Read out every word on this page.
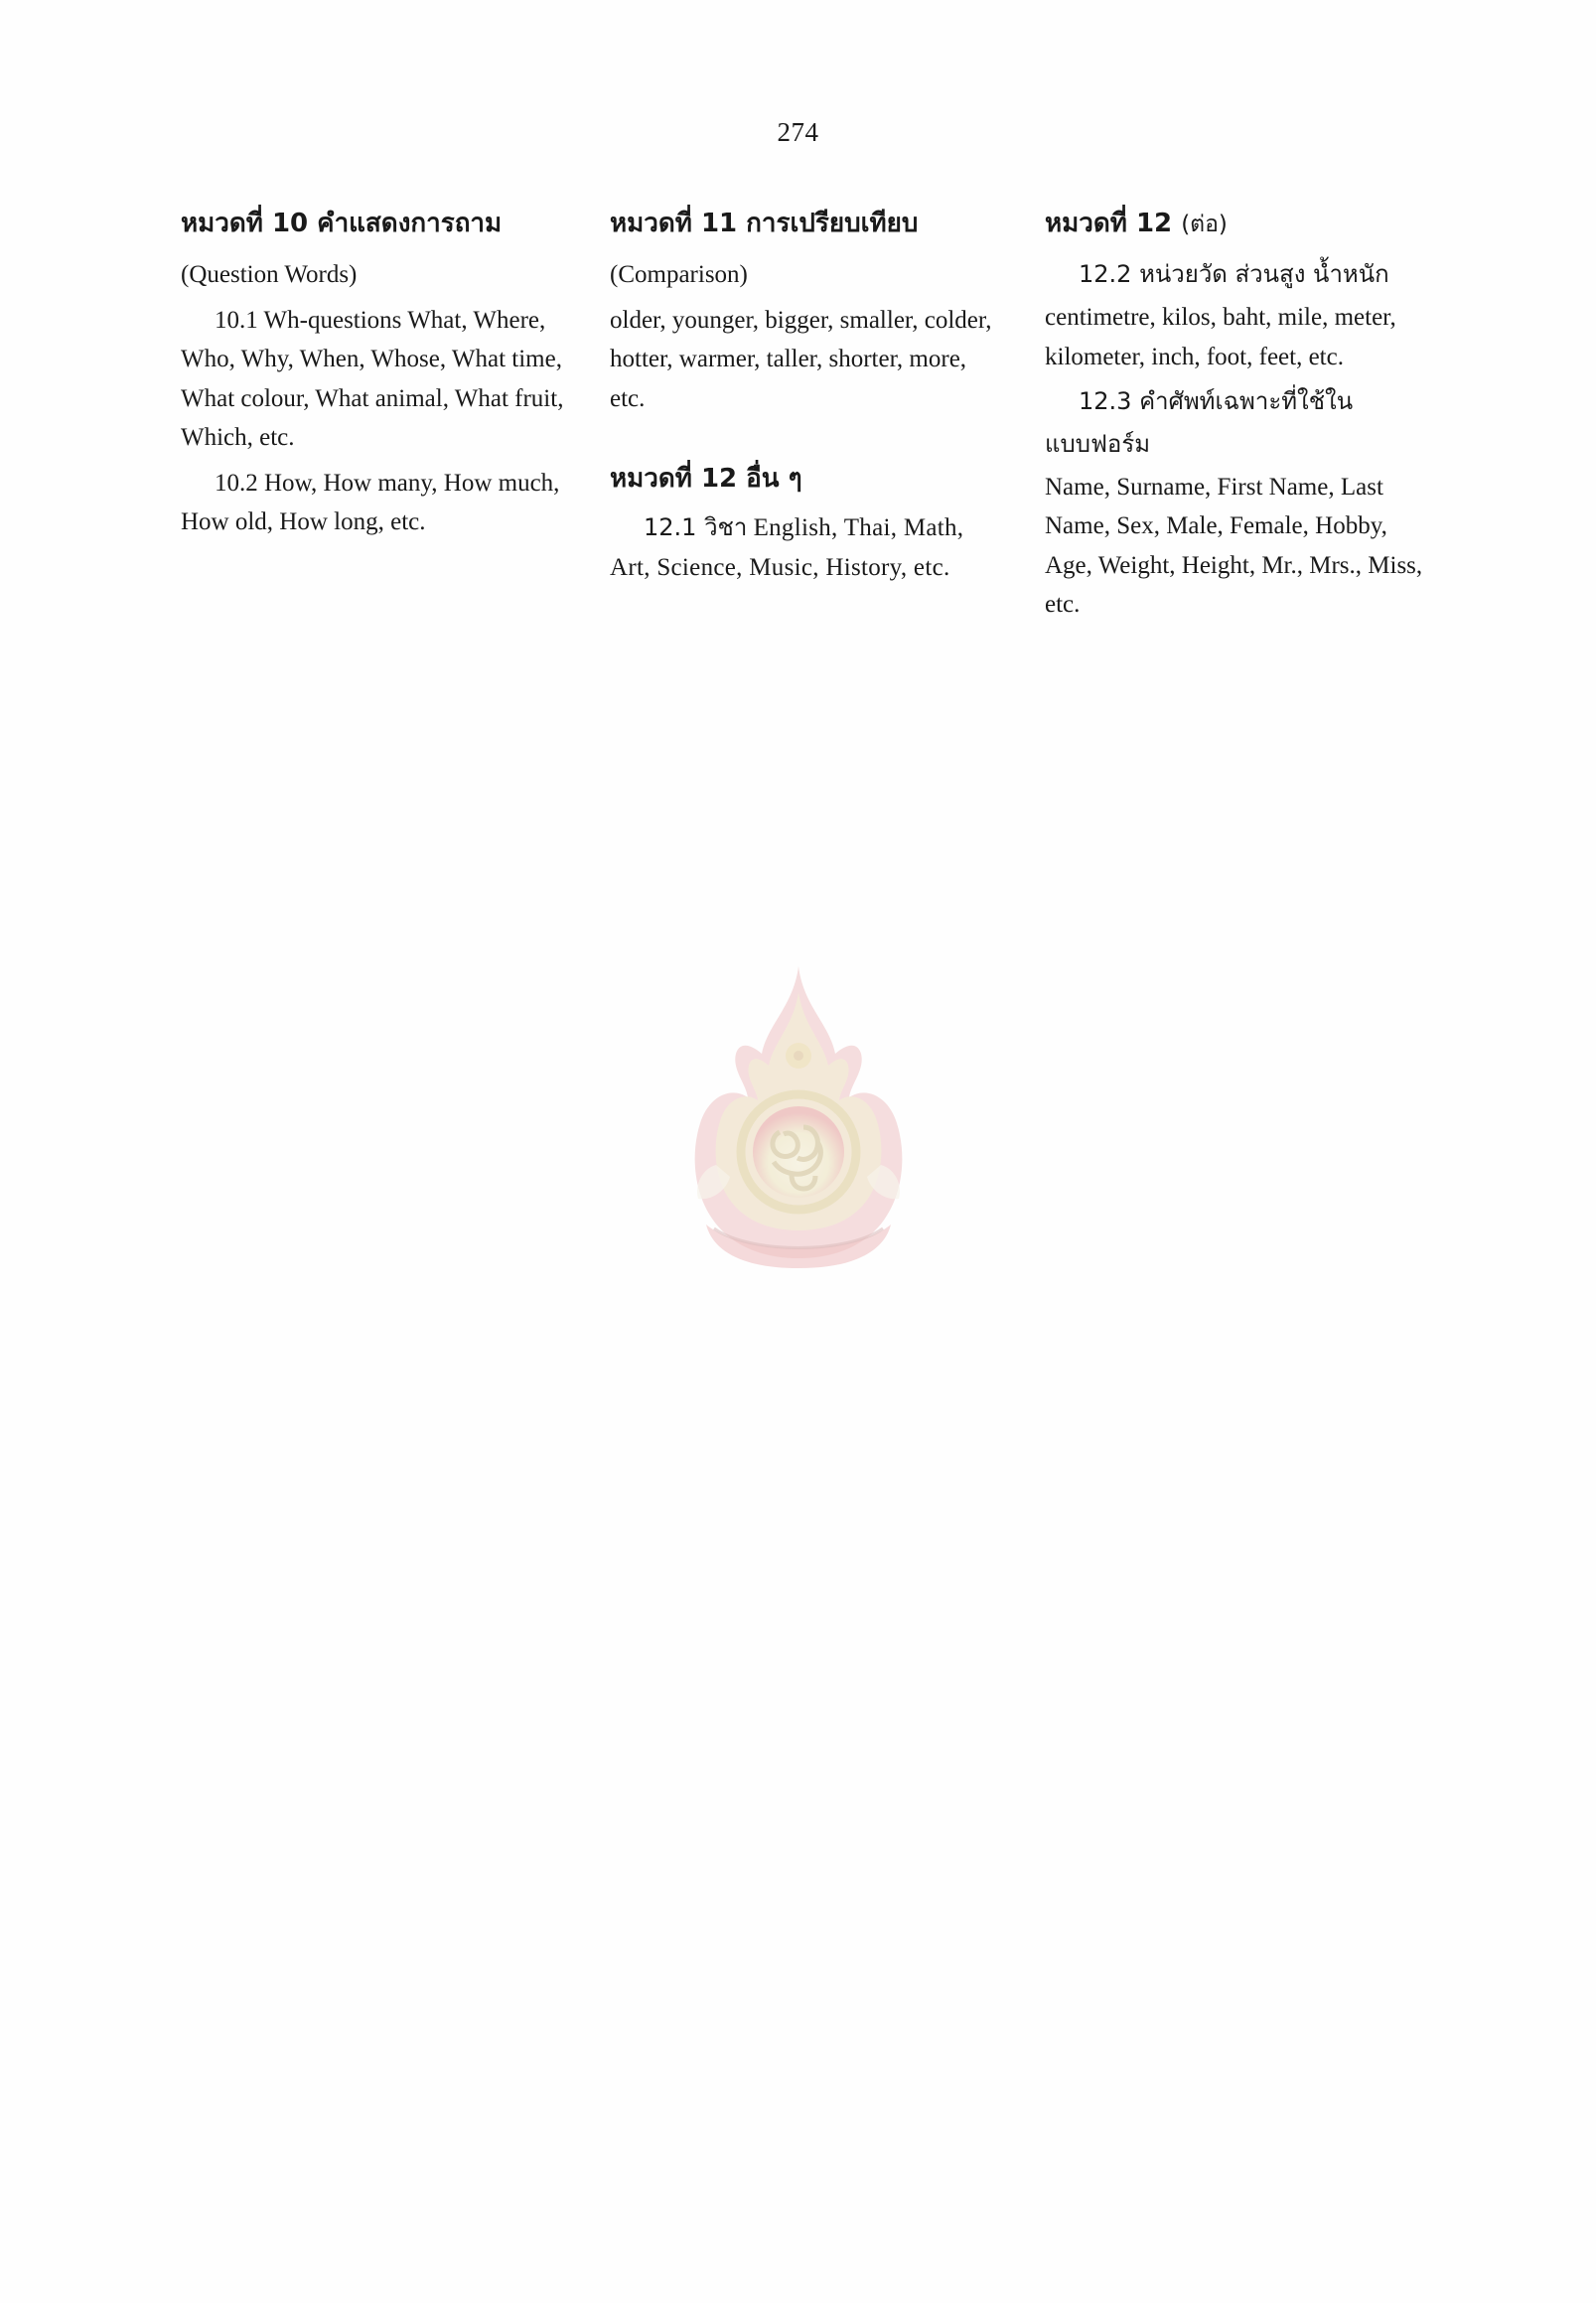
274
หมวดที่ 10 คำแสดงการถาม

(Question Words)

10.1 Wh-questions What, Where, Who, Why, When, Whose, What time, What colour, What animal, What fruit, Which, etc.

10.2 How, How many, How much, How old, How long, etc.

หมวดที่ 11 การเปรียบเทียบ

(Comparison)

older, younger, bigger, smaller, colder, hotter, warmer, taller, shorter, more, etc.

หมวดที่ 12 อื่น ๆ

12.1 วิชา English, Thai, Math, Art, Science, Music, History, etc.

หมวดที่ 12 (ต่อ)

12.2 หน่วยวัด ส่วนสูง น้ำหนัก

centimetre, kilos, baht, mile, meter, kilometer, inch, foot, feet, etc.

12.3 คำศัพท์เฉพาะที่ใช้ใน

แบบฟอร์ม

Name, Surname, First Name, Last Name, Sex, Male, Female, Hobby, Age, Weight, Height, Mr., Mrs., Miss, etc.
